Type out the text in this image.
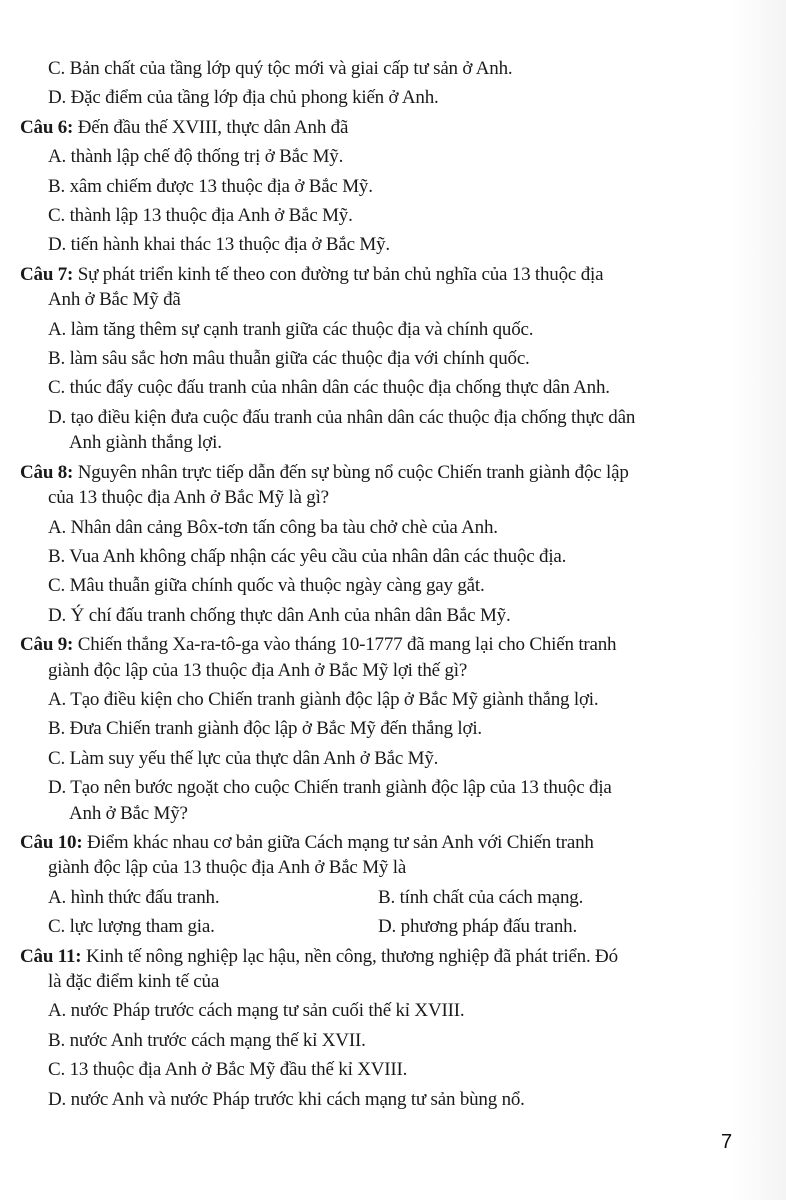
C. Bản chất của tầng lớp quý tộc mới và giai cấp tư sản ở Anh.
D. Đặc điểm của tầng lớp địa chủ phong kiến ở Anh.
Câu 6: Đến đầu thế XVIII, thực dân Anh đã
A. thành lập chế độ thống trị ở Bắc Mỹ.
B. xâm chiếm được 13 thuộc địa ở Bắc Mỹ.
C. thành lập 13 thuộc địa Anh ở Bắc Mỹ.
D. tiến hành khai thác 13 thuộc địa ở Bắc Mỹ.
Câu 7: Sự phát triển kinh tế theo con đường tư bản chủ nghĩa của 13 thuộc địa
Anh ở Bắc Mỹ đã
A. làm tăng thêm sự cạnh tranh giữa các thuộc địa và chính quốc.
B. làm sâu sắc hơn mâu thuẫn giữa các thuộc địa với chính quốc.
C. thúc đẩy cuộc đấu tranh của nhân dân các thuộc địa chống thực dân Anh.
D. tạo điều kiện đưa cuộc đấu tranh của nhân dân các thuộc địa chống thực dân
Anh giành thắng lợi.
Câu 8: Nguyên nhân trực tiếp dẫn đến sự bùng nổ cuộc Chiến tranh giành độc lập
của 13 thuộc địa Anh ở Bắc Mỹ là gì?
A. Nhân dân cảng Bôx-tơn tấn công ba tàu chở chè của Anh.
B. Vua Anh không chấp nhận các yêu cầu của nhân dân các thuộc địa.
C. Mâu thuẫn giữa chính quốc và thuộc ngày càng gay gắt.
D. Ý chí đấu tranh chống thực dân Anh của nhân dân Bắc Mỹ.
Câu 9: Chiến thắng Xa-ra-tô-ga vào tháng 10-1777 đã mang lại cho Chiến tranh
giành độc lập của 13 thuộc địa Anh ở Bắc Mỹ lợi thế gì?
A. Tạo điều kiện cho Chiến tranh giành độc lập ở Bắc Mỹ giành thắng lợi.
B. Đưa Chiến tranh giành độc lập ở Bắc Mỹ đến thắng lợi.
C. Làm suy yếu thế lực của thực dân Anh ở Bắc Mỹ.
D. Tạo nên bước ngoặt cho cuộc Chiến tranh giành độc lập của 13 thuộc địa
Anh ở Bắc Mỹ?
Câu 10: Điểm khác nhau cơ bản giữa Cách mạng tư sản Anh với Chiến tranh
giành độc lập của 13 thuộc địa Anh ở Bắc Mỹ là
A. hình thức đấu tranh.	B. tính chất của cách mạng.
C. lực lượng tham gia.	D. phương pháp đấu tranh.
Câu 11: Kinh tế nông nghiệp lạc hậu, nền công, thương nghiệp đã phát triển. Đó
là đặc điểm kinh tế của
A. nước Pháp trước cách mạng tư sản cuối thế kỉ XVIII.
B. nước Anh trước cách mạng thế kỉ XVII.
C. 13 thuộc địa Anh ở Bắc Mỹ đầu thế kỉ XVIII.
D. nước Anh và nước Pháp trước khi cách mạng tư sản bùng nổ.
7
